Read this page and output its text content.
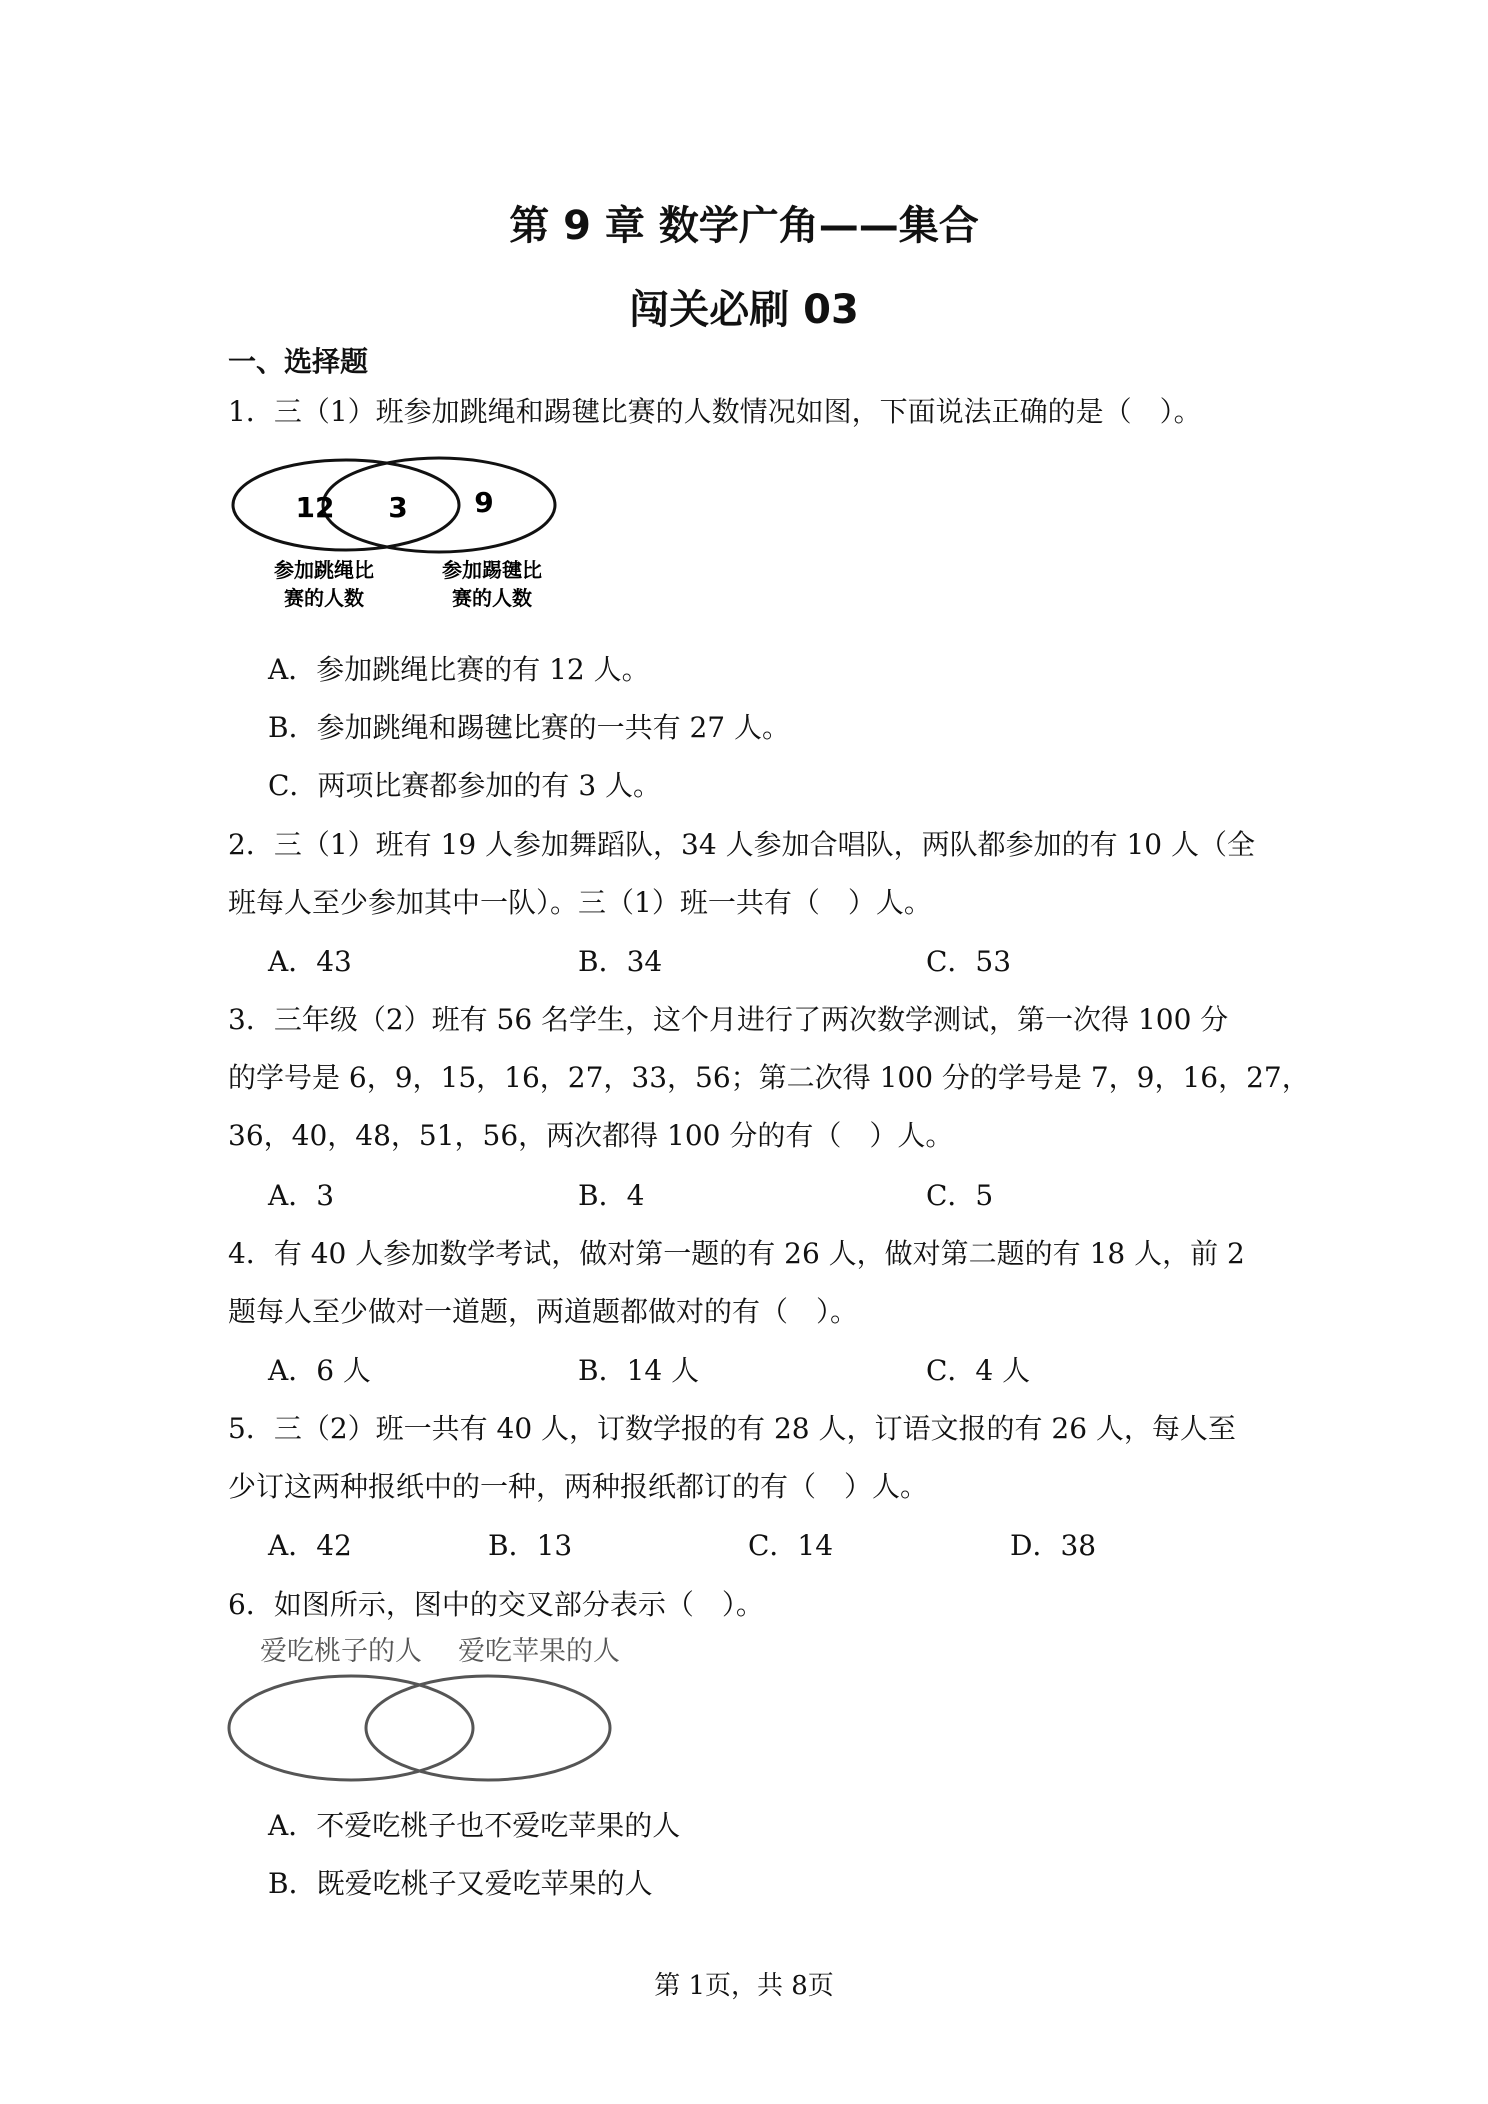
第 9 章 数学广角——集合
闯关必刷 03
一、选择题
1．三（1）班参加跳绳和踢毽比赛的人数情况如图，下面说法正确的是（　）。
12 3 9
参加跳绳比
赛的人数
参加踢毽比
赛的人数
A．参加跳绳比赛的有 12 人。
B．参加跳绳和踢毽比赛的一共有 27 人。
C．两项比赛都参加的有 3 人。
2．三（1）班有 19 人参加舞蹈队，34 人参加合唱队，两队都参加的有 10 人（全
班每人至少参加其中一队）。三（1）班一共有（　）人。
A．43	B．34	C．53
3．三年级（2）班有 56 名学生，这个月进行了两次数学测试，第一次得 100 分
的学号是 6，9，15，16，27，33，56；第二次得 100 分的学号是 7，9，16，27，
36，40，48，51，56，两次都得 100 分的有（　）人。
A．3	B．4	C．5
4．有 40 人参加数学考试，做对第一题的有 26 人，做对第二题的有 18 人，前 2
题每人至少做对一道题，两道题都做对的有（　）。
A．6 人	B．14 人	C．4 人
5．三（2）班一共有 40 人，订数学报的有 28 人，订语文报的有 26 人，每人至
少订这两种报纸中的一种，两种报纸都订的有（　）人。
A．42	B．13	C．14	D．38
6．如图所示，图中的交叉部分表示（　）。
爱吃桃子的人 爱吃苹果的人
A．不爱吃桃子也不爱吃苹果的人
B．既爱吃桃子又爱吃苹果的人
第 1页，共 8页
